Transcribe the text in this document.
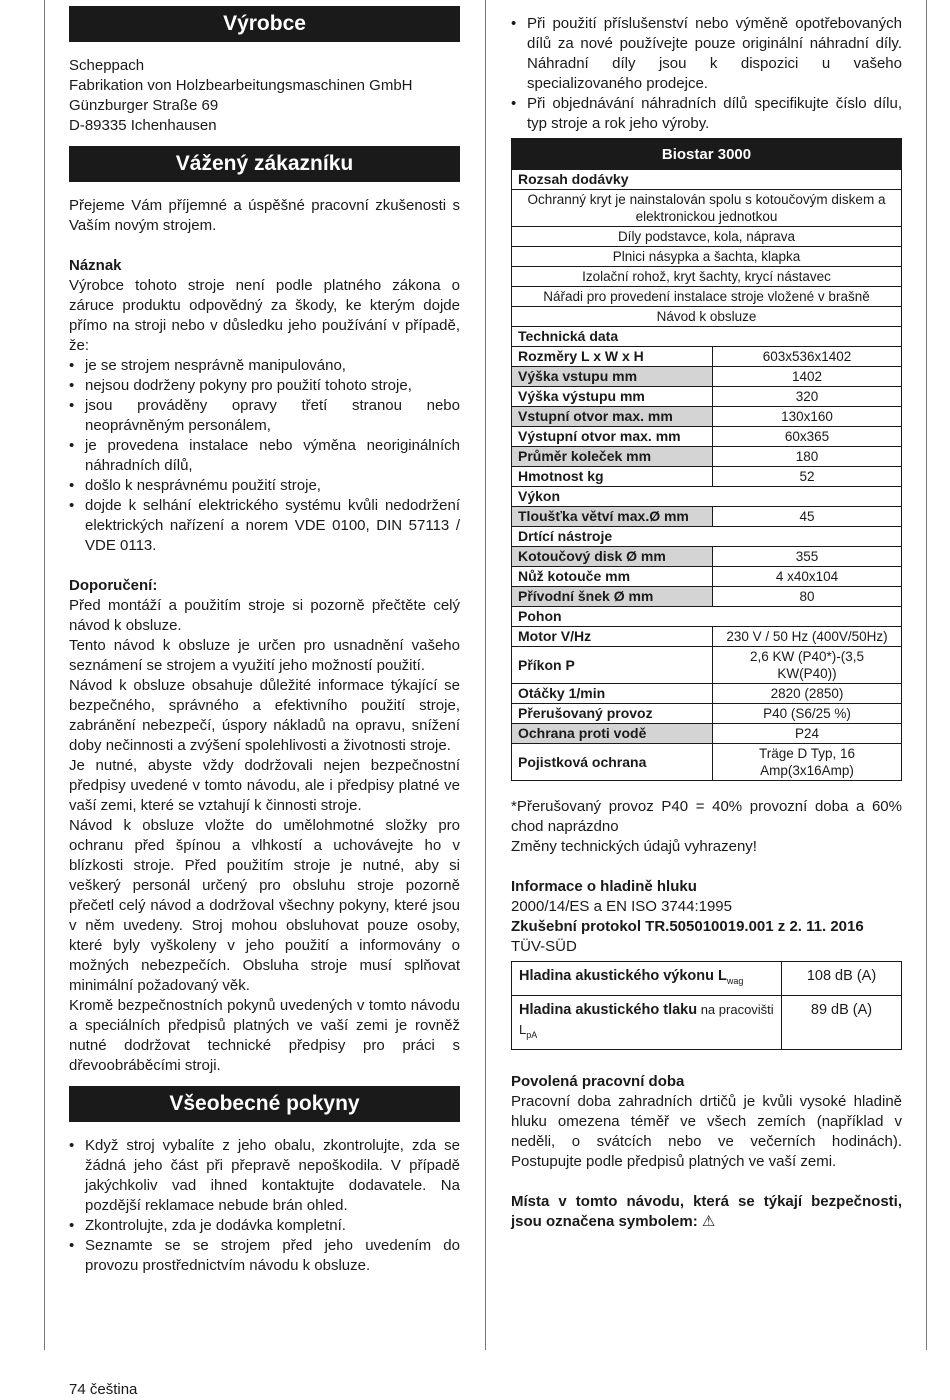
Výrobce

Scheppach

Fabrikation von Holzbearbeitungsmaschinen GmbH

Günzburger Straße 69

D-89335 Ichenhausen

Vážený zákazníku

Přejeme Vám příjemné a úspěšné pracovní zkušenosti s Vaším novým strojem.

Náznak

Výrobce tohoto stroje není podle platného zákona o záruce produktu odpovědný za škody, ke kterým dojde přímo na stroji nebo v důsledku jeho používání v případě, že:

• je se strojem nesprávně manipulováno,
• nejsou dodrženy pokyny pro použití tohoto stroje,
• jsou prováděny opravy třetí stranou nebo neoprávněným personálem,
• je provedena instalace nebo výměna neoriginálních náhradních dílů,
• došlo k nesprávnému použití stroje,
• dojde k selhání elektrického systému kvůli nedodržení elektrických nařízení a norem VDE 0100, DIN 57113 / VDE 0113.

Doporučení:

Před montáží a použitím stroje si pozorně přečtěte celý návod k obsluze.

Tento návod k obsluze je určen pro usnadnění vašeho seznámení se strojem a využití jeho možností použití.

Návod k obsluze obsahuje důležité informace týkající se bezpečného, správného a efektivního použití stroje, zabránění nebezpečí, úspory nákladů na opravu, snížení doby nečinnosti a zvýšení spolehlivosti a životnosti stroje.

Je nutné, abyste vždy dodržovali nejen bezpečnostní předpisy uvedené v tomto návodu, ale i předpisy platné ve vaší zemi, které se vztahují k činnosti stroje.

Návod k obsluze vložte do umělohmotné složky pro ochranu před špínou a vlhkostí a uchovávejte ho v blízkosti stroje. Před použitím stroje je nutné, aby si veškerý personál určený pro obsluhu stroje pozorně přečetl celý návod a dodržoval všechny pokyny, které jsou v něm uvedeny. Stroj mohou obsluhovat pouze osoby, které byly vyškoleny v jeho použití a informovány o možných nebezpečích. Obsluha stroje musí splňovat minimální požadovaný věk.

Kromě bezpečnostních pokynů uvedených v tomto návodu a speciálních předpisů platných ve vaší zemi je rovněž nutné dodržovat technické předpisy pro práci s dřevoobráběcími stroji.

Všeobecné pokyny
• Když stroj vybalíte z jeho obalu, zkontrolujte, zda se žádná jeho část při přepravě nepoškodila. V případě jakýchkoliv vad ihned kontaktujte dodavatele. Na pozdější reklamace nebude brán ohled.
• Zkontrolujte, zda je dodávka kompletní.
• Seznamte se se strojem před jeho uvedením do provozu prostřednictvím návodu k obsluze.
• Při použití příslušenství nebo výměně opotřebovaných dílů za nové používejte pouze originální náhradní díly. Náhradní díly jsou k dispozici u vašeho specializovaného prodejce.
• Při objednávání náhradních dílů specifikujte číslo dílu, typ stroje a rok jeho výroby.
Biostar 3000	
Rozsah dodávky	
Ochranný kryt je nainstalován spolu s kotoučovým diskem a elektronickou jednotkou	
Díly podstavce, kola, náprava	
Plnici násypka a šachta, klapka	
Izolační rohož, kryt šachty, krycí nástavec	
Nářadi pro provedení instalace stroje vložené v brašně	
Návod k obsluze	
Technická data	
Rozměry L x W x H	603x536x1402
Výška vstupu mm	1402
Výška výstupu mm	320
Vstupní otvor max. mm	130x160
Výstupní otvor max. mm	60x365
Průměr koleček mm	180
Hmotnost kg	52
Výkon	
Tloušťka větví max.Ø mm	45
Drtící nástroje	
Kotoučový disk Ø mm	355
Nůž kotouče mm	4 x40x104
Přívodní šnek Ø mm	80
Pohon	
Motor V/Hz	230 V / 50 Hz (400V/50Hz)
Příkon P	2,6 KW (P40*)-(3,5 KW(P40))
Otáčky 1/min	2820 (2850)
Přerušovaný provoz	P40 (S6/25 %)
Ochrana proti vodě	P24
Pojistková ochrana	Träge D Typ, 16 Amp(3x16Amp)

*Přerušovaný provoz P40 = 40% provozní doba a 60% chod naprázdno

Změny technických údajů vyhrazeny!

Informace o hladině hluku

2000/14/ES a EN ISO 3744:1995

Zkušební protokol TR.505010019.001 z 2. 11. 2016

TÜV-SÜD

Hladina akustického výkonu $L_{wag}$	108 dB (A)
Hladina akustického tlaku na pracovišti $L_{pA}$	89 dB (A)

Povolená pracovní doba

Pracovní doba zahradních drtičů je kvůli vysoké hladině hluku omezena téměř ve všech zemích (například v neděli, o svátcích nebo ve večerních hodinách). Postupujte podle předpisů platných ve vaší zemi.

Místa v tomto návodu, která se týkají bezpečnosti, jsou označena symbolem: ⚠

74 čeština
